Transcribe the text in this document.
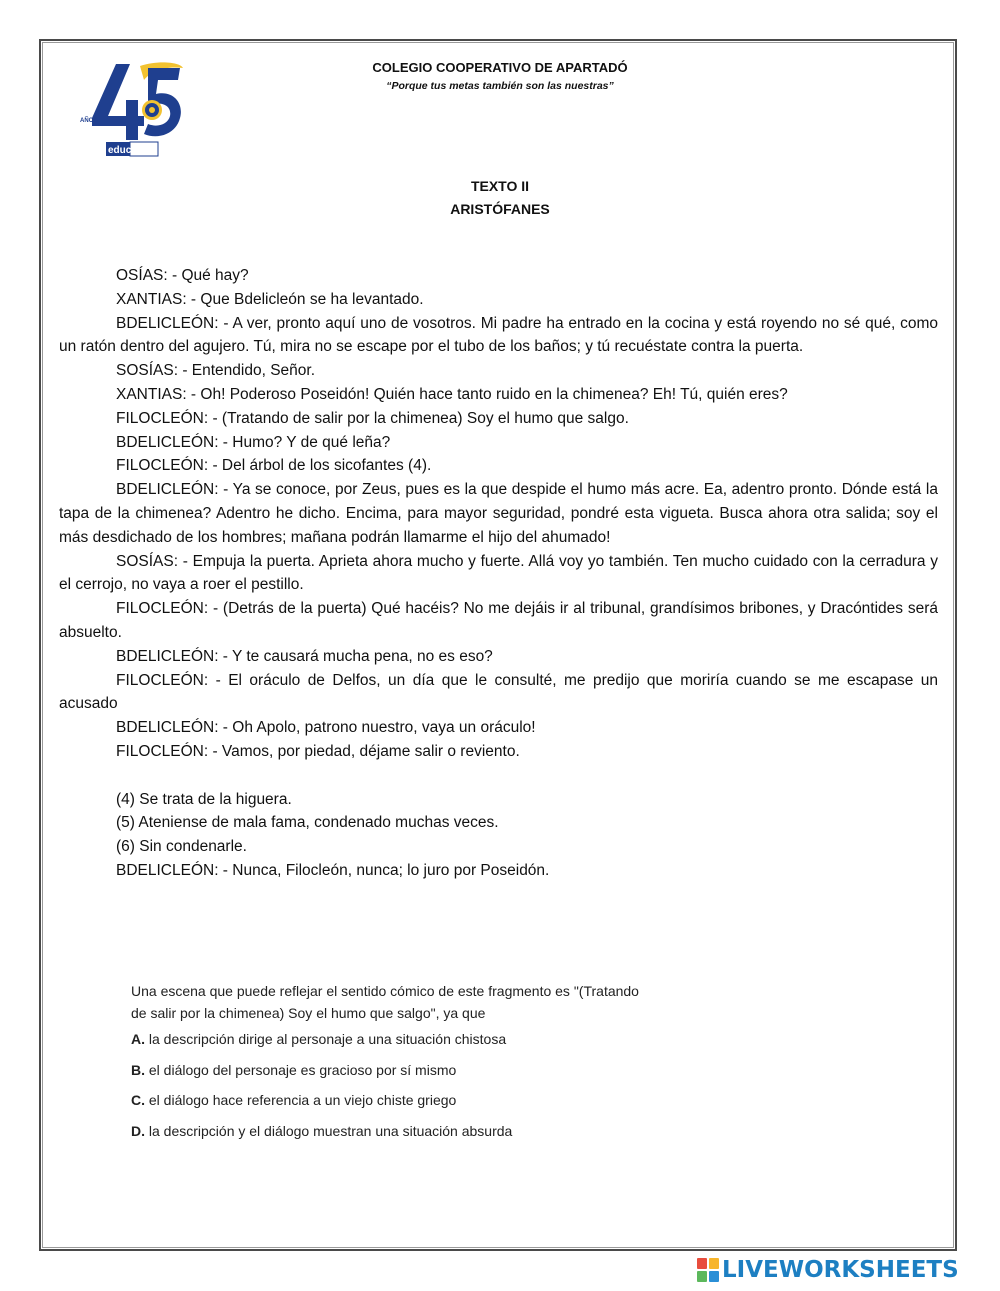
AÑOS
educoop
COLEGIO COOPERATIVO DE APARTADÓ
“Porque tus metas también son las nuestras”
TEXTO II
ARISTÓFANES

OSÍAS: - Qué hay?

XANTIAS: - Que Bdelicleón se ha levantado.

BDELICLEÓN: - A ver, pronto aquí uno de vosotros. Mi padre ha entrado en la cocina y está royendo no sé qué, como un ratón dentro del agujero. Tú, mira no se escape por el tubo de los baños; y tú recuéstate contra la puerta.

SOSÍAS: - Entendido, Señor.

XANTIAS: - Oh! Poderoso Poseidón! Quién hace tanto ruido en la chimenea? Eh! Tú, quién eres?

FILOCLEÓN: - (Tratando de salir por la chimenea) Soy el humo que salgo.

BDELICLEÓN: - Humo? Y de qué leña?

FILOCLEÓN: - Del árbol de los sicofantes (4).

BDELICLEÓN: - Ya se conoce, por Zeus, pues es la que despide el humo más acre. Ea, adentro pronto. Dónde está la tapa de la chimenea? Adentro he dicho. Encima, para mayor seguridad, pondré esta vigueta. Busca ahora otra salida; soy el más desdichado de los hombres; mañana podrán llamarme el hijo del ahumado!

SOSÍAS: - Empuja la puerta. Aprieta ahora mucho y fuerte. Allá voy yo también. Ten mucho cuidado con la cerradura y el cerrojo, no vaya a roer el pestillo.

FILOCLEÓN: - (Detrás de la puerta) Qué hacéis? No me dejáis ir al tribunal, grandísimos bribones, y Dracóntides será absuelto.

BDELICLEÓN: - Y te causará mucha pena, no es eso?

FILOCLEÓN: - El oráculo de Delfos, un día que le consulté, me predijo que moriría cuando se me escapase un acusado

BDELICLEÓN: - Oh Apolo, patrono nuestro, vaya un oráculo!

FILOCLEÓN: - Vamos, por piedad, déjame salir o reviento.

(4) Se trata de la higuera.

(5) Ateniense de mala fama, condenado muchas veces.

(6) Sin condenarle.

BDELICLEÓN: - Nunca, Filocleón, nunca; lo juro por Poseidón.

Una escena que puede reflejar el sentido cómico de este fragmento es "(Tratando

de salir por la chimenea) Soy el humo que salgo", ya que

A. la descripción dirige al personaje a una situación chistosa

B. el diálogo del personaje es gracioso por sí mismo

C. el diálogo hace referencia a un viejo chiste griego

D. la descripción y el diálogo muestran una situación absurda

LIVEWORKSHEETS
